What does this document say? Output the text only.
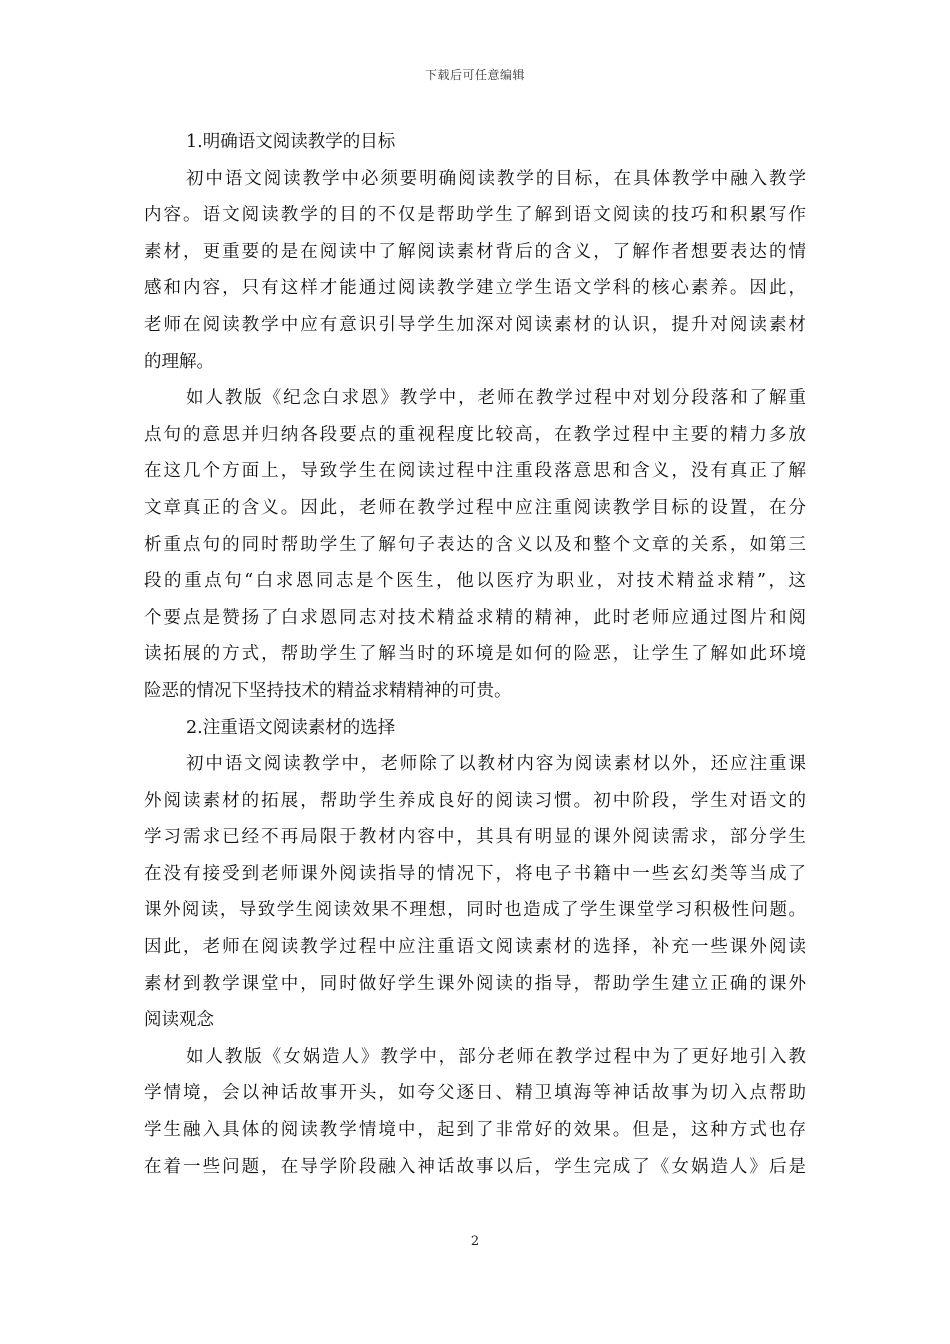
下载后可任意编辑
1.明确语文阅读教学的目标
初中语文阅读教学中必须要明确阅读教学的目标，在具体教学中融入教学
内容。语文阅读教学的目的不仅是帮助学生了解到语文阅读的技巧和积累写作
素材，更重要的是在阅读中了解阅读素材背后的含义，了解作者想要表达的情
感和内容，只有这样才能通过阅读教学建立学生语文学科的核心素养。因此，
老师在阅读教学中应有意识引导学生加深对阅读素材的认识，提升对阅读素材
的理解。
如人教版《纪念白求恩》教学中，老师在教学过程中对划分段落和了解重
点句的意思并归纳各段要点的重视程度比较高，在教学过程中主要的精力多放
在这几个方面上，导致学生在阅读过程中注重段落意思和含义，没有真正了解
文章真正的含义。因此，老师在教学过程中应注重阅读教学目标的设置，在分
析重点句的同时帮助学生了解句子表达的含义以及和整个文章的关系，如第三
段的重点句“白求恩同志是个医生，他以医疗为职业，对技术精益求精”，这
个要点是赞扬了白求恩同志对技术精益求精的精神，此时老师应通过图片和阅
读拓展的方式，帮助学生了解当时的环境是如何的险恶，让学生了解如此环境
险恶的情况下坚持技术的精益求精精神的可贵。
2.注重语文阅读素材的选择
初中语文阅读教学中，老师除了以教材内容为阅读素材以外，还应注重课
外阅读素材的拓展，帮助学生养成良好的阅读习惯。初中阶段，学生对语文的
学习需求已经不再局限于教材内容中，其具有明显的课外阅读需求，部分学生
在没有接受到老师课外阅读指导的情况下，将电子书籍中一些玄幻类等当成了
课外阅读，导致学生阅读效果不理想，同时也造成了学生课堂学习积极性问题。
因此，老师在阅读教学过程中应注重语文阅读素材的选择，补充一些课外阅读
素材到教学课堂中，同时做好学生课外阅读的指导，帮助学生建立正确的课外
阅读观念
如人教版《女娲造人》教学中，部分老师在教学过程中为了更好地引入教
学情境，会以神话故事开头，如夸父逐日、精卫填海等神话故事为切入点帮助
学生融入具体的阅读教学情境中，起到了非常好的效果。但是，这种方式也存
在着一些问题，在导学阶段融入神话故事以后，学生完成了《女娲造人》后是
2
